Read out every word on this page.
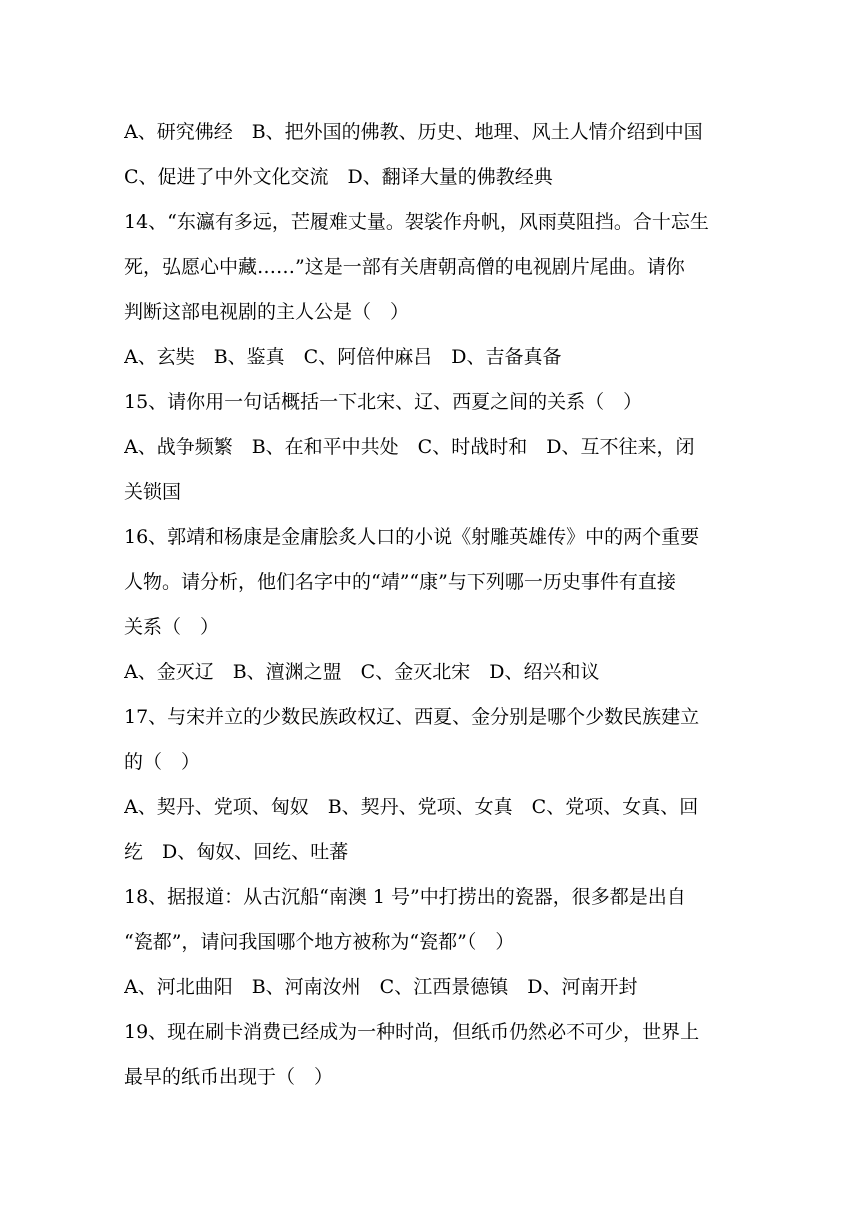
A、研究佛经　B、把外国的佛教、历史、地理、风土人情介绍到中国
C、促进了中外文化交流　D、翻译大量的佛教经典
14、“东瀛有多远，芒履难丈量。袈裟作舟帆，风雨莫阻挡。合十忘生
死，弘愿心中藏……”这是一部有关唐朝高僧的电视剧片尾曲。请你
判断这部电视剧的主人公是（　）
A、玄奘　B、鉴真　C、阿倍仲麻吕　D、吉备真备
15、请你用一句话概括一下北宋、辽、西夏之间的关系（　）
A、战争频繁　B、在和平中共处　C、时战时和　D、互不往来，闭
关锁国
16、郭靖和杨康是金庸脍炙人口的小说《射雕英雄传》中的两个重要
人物。请分析，他们名字中的“靖”“康”与下列哪一历史事件有直接
关系（　）
A、金灭辽　B、澶渊之盟　C、金灭北宋　D、绍兴和议
17、与宋并立的少数民族政权辽、西夏、金分别是哪个少数民族建立
的（　）
A、契丹、党项、匈奴　B、契丹、党项、女真　C、党项、女真、回
纥　D、匈奴、回纥、吐蕃
18、据报道：从古沉船“南澳 1 号”中打捞出的瓷器，很多都是出自
“瓷都”，请问我国哪个地方被称为“瓷都”（　）
A、河北曲阳　B、河南汝州　C、江西景德镇　D、河南开封
19、现在刷卡消费已经成为一种时尚，但纸币仍然必不可少，世界上
最早的纸币出现于（　）
